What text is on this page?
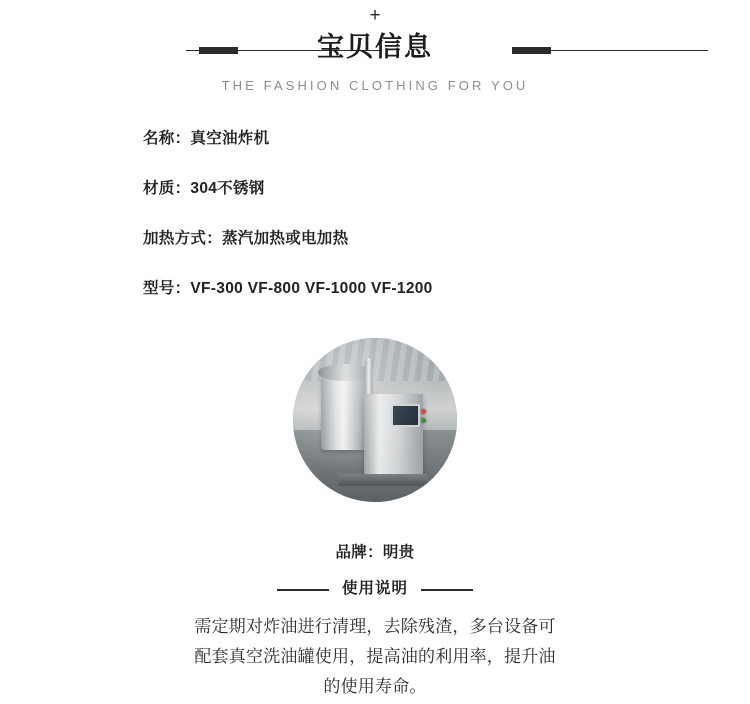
+
宝贝信息
THE FASHION CLOTHING FOR YOU
名称：真空油炸机
材质：304不锈钢
加热方式：蒸汽加热或电加热
型号：VF-300 VF-800 VF-1000 VF-1200
品牌：明贵
使用说明

需定期对炸油进行清理，去除残渣，多台设备可配套真空洗油罐使用，提高油的利用率，提升油的使用寿命。
